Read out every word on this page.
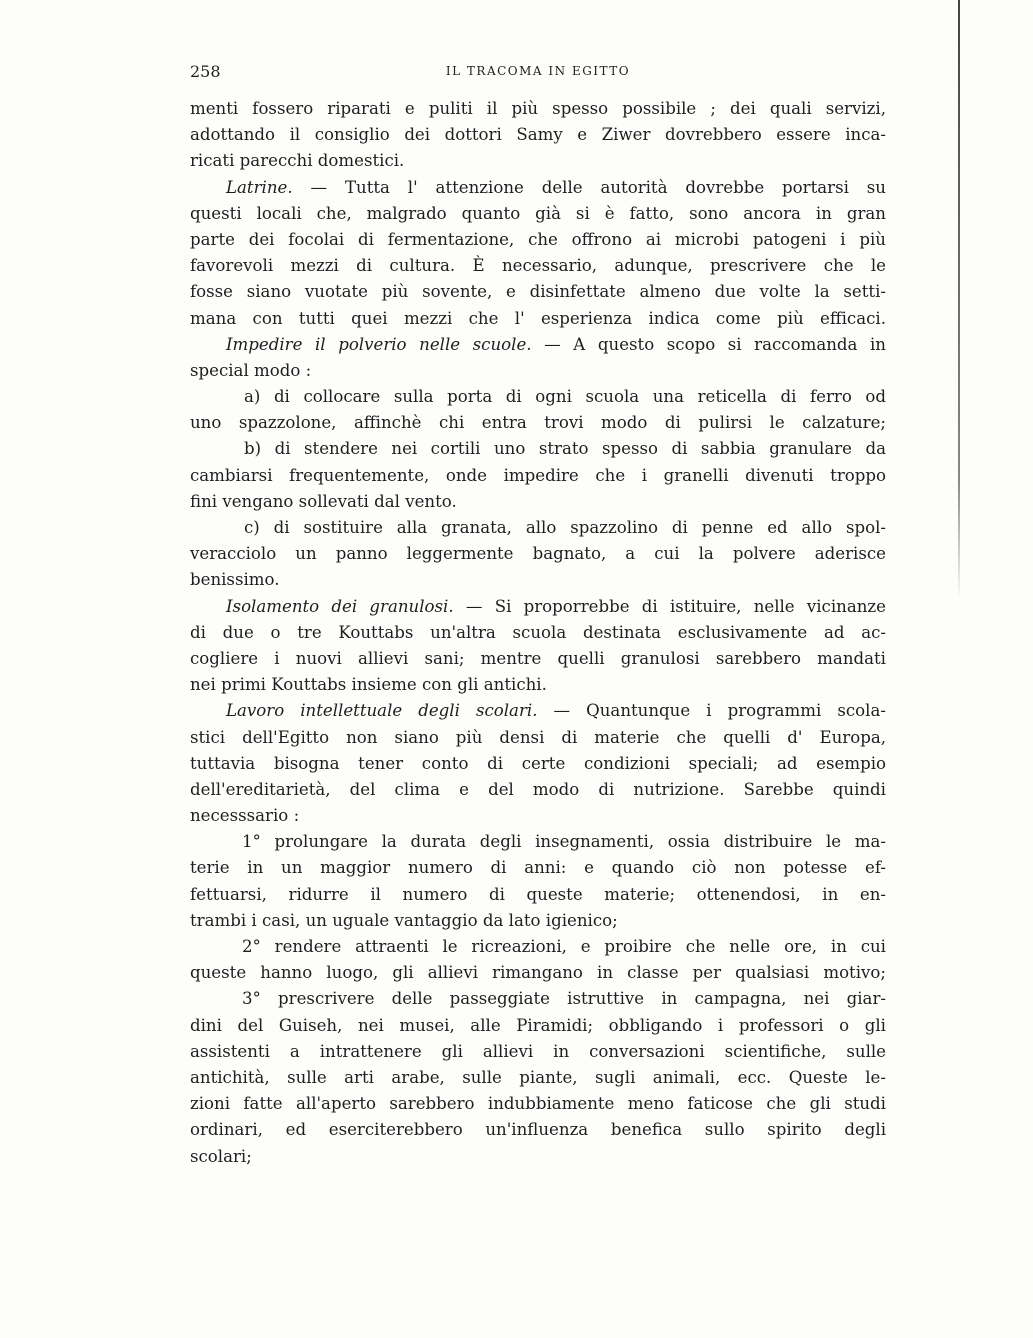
258	IL TRACOMA IN EGITTO
menti fossero riparati e puliti il più spesso possibile ; dei quali servizi,
adottando il consiglio dei dottori Samy e Ziwer dovrebbero essere inca-
ricati parecchi domestici.
Latrine. — Tutta l' attenzione delle autorità dovrebbe portarsi su
questi locali che, malgrado quanto già si è fatto, sono ancora in gran
parte dei focolai di fermentazione, che offrono ai microbi patogeni i più
favorevoli mezzi di cultura. È necessario, adunque, prescrivere che le
fosse siano vuotate più sovente, e disinfettate almeno due volte la setti-
mana con tutti quei mezzi che l' esperienza indica come più efficaci.
Impedire il polverio nelle scuole. — A questo scopo si raccomanda in
special modo :
a) di collocare sulla porta di ogni scuola una reticella di ferro od
uno spazzolone, affinchè chi entra trovi modo di pulirsi le calzature;
b) di stendere nei cortili uno strato spesso di sabbia granulare da
cambiarsi frequentemente, onde impedire che i granelli divenuti troppo
fini vengano sollevati dal vento.
c) di sostituire alla granata, allo spazzolino di penne ed allo spol-
veracciolo un panno leggermente bagnato, a cui la polvere aderisce
benissimo.
Isolamento dei granulosi. — Si proporrebbe di istituire, nelle vicinanze
di due o tre Kouttabs un'altra scuola destinata esclusivamente ad ac-
cogliere i nuovi allievi sani; mentre quelli granulosi sarebbero mandati
nei primi Kouttabs insieme con gli antichi.
Lavoro intellettuale degli scolari. — Quantunque i programmi scola-
stici dell'Egitto non siano più densi di materie che quelli d' Europa,
tuttavia bisogna tener conto di certe condizioni speciali; ad esempio
dell'ereditarietà, del clima e del modo di nutrizione. Sarebbe quindi
necesssario :
1° prolungare la durata degli insegnamenti, ossia distribuire le ma-
terie in un maggior numero di anni: e quando ciò non potesse ef-
fettuarsi, ridurre il numero di queste materie; ottenendosi, in en-
trambi i casi, un uguale vantaggio da lato igienico;
2° rendere attraenti le ricreazioni, e proibire che nelle ore, in cui
queste hanno luogo, gli allievi rimangano in classe per qualsiasi motivo;
3° prescrivere delle passeggiate istruttive in campagna, nei giar-
dini del Guiseh, nei musei, alle Piramidi; obbligando i professori o gli
assistenti a intrattenere gli allievi in conversazioni scientifiche, sulle
antichità, sulle arti arabe, sulle piante, sugli animali, ecc. Queste le-
zioni fatte all'aperto sarebbero indubbiamente meno faticose che gli studi
ordinari, ed eserciterebbero un'influenza benefica sullo spirito degli
scolari;
